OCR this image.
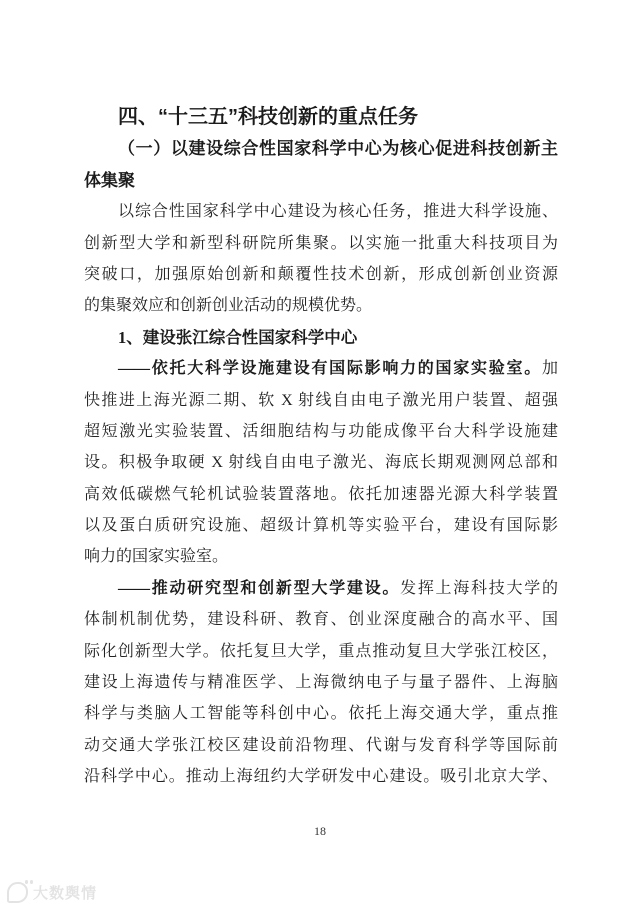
四、“十三五”科技创新的重点任务
（一）以建设综合性国家科学中心为核心促进科技创新主
体集聚
以综合性国家科学中心建设为核心任务，推进大科学设施、
创新型大学和新型科研院所集聚。以实施一批重大科技项目为
突破口，加强原始创新和颠覆性技术创新，形成创新创业资源
的集聚效应和创新创业活动的规模优势。
1、建设张江综合性国家科学中心
——依托大科学设施建设有国际影响力的国家实验室。加
快推进上海光源二期、软 X 射线自由电子激光用户装置、超强
超短激光实验装置、活细胞结构与功能成像平台大科学设施建
设。积极争取硬 X 射线自由电子激光、海底长期观测网总部和
高效低碳燃气轮机试验装置落地。依托加速器光源大科学装置
以及蛋白质研究设施、超级计算机等实验平台，建设有国际影
响力的国家实验室。
——推动研究型和创新型大学建设。发挥上海科技大学的
体制机制优势，建设科研、教育、创业深度融合的高水平、国
际化创新型大学。依托复旦大学，重点推动复旦大学张江校区，
建设上海遗传与精准医学、上海微纳电子与量子器件、上海脑
科学与类脑人工智能等科创中心。依托上海交通大学，重点推
动交通大学张江校区建设前沿物理、代谢与发育科学等国际前
沿科学中心。推动上海纽约大学研发中心建设。吸引北京大学、
18
大数舆情
